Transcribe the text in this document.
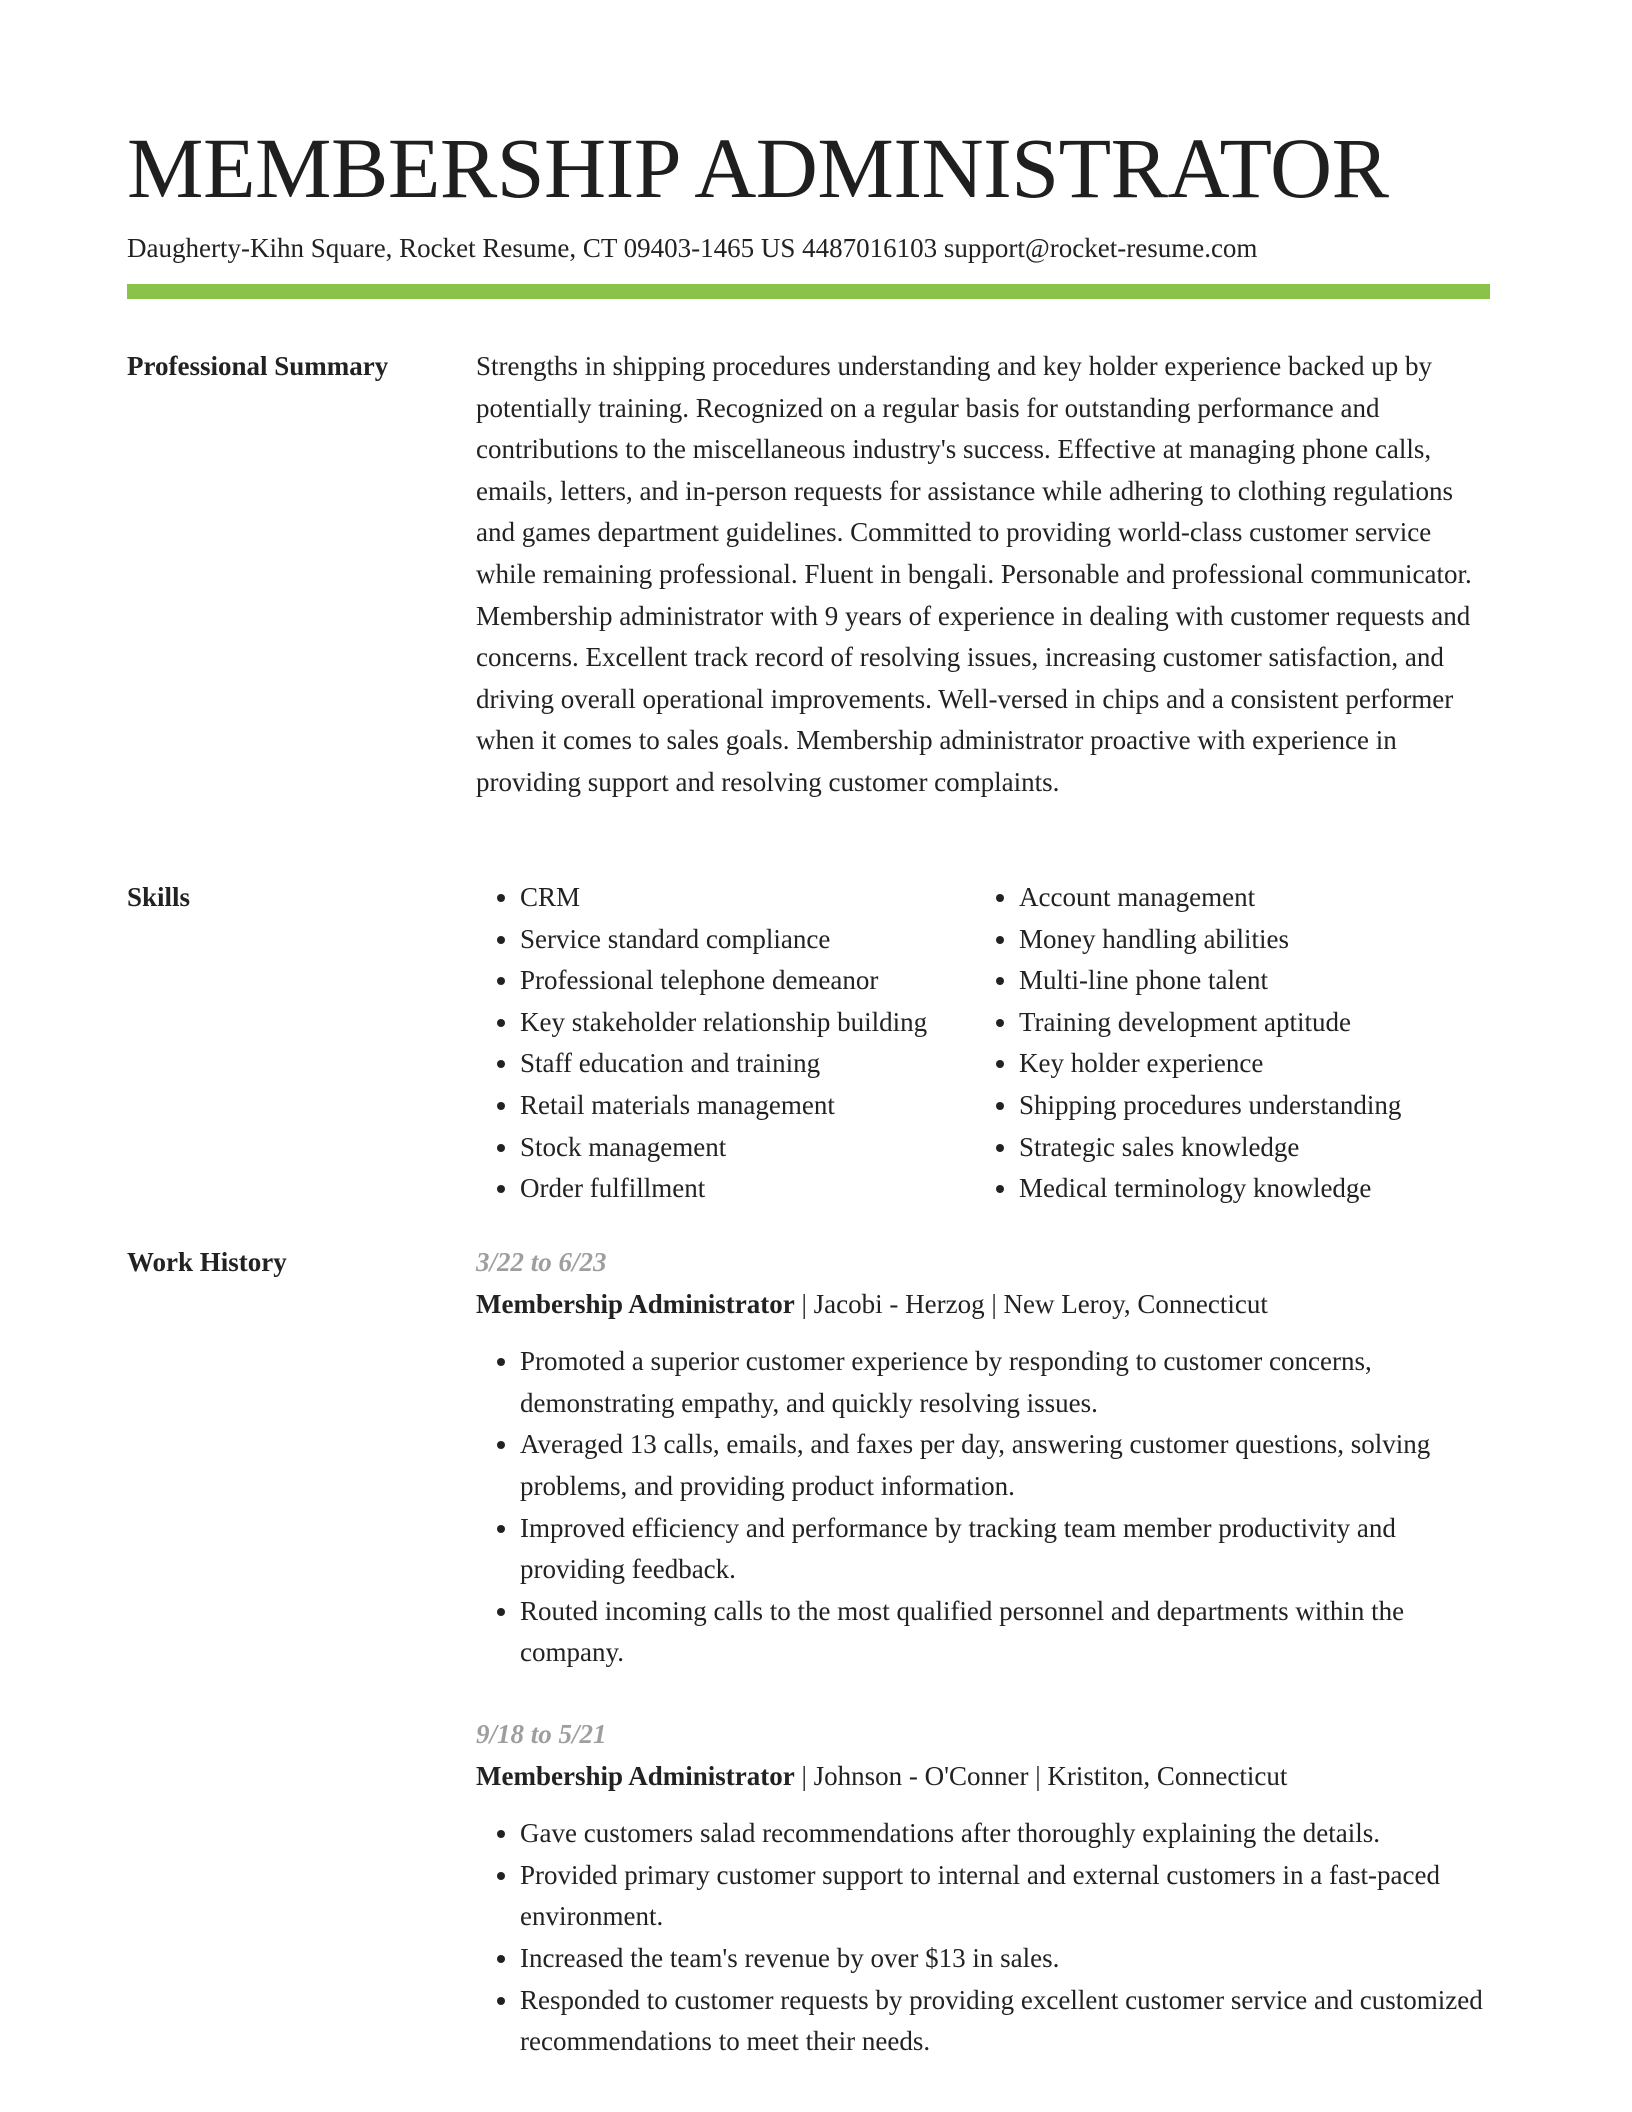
MEMBERSHIP ADMINISTRATOR
Daugherty-Kihn Square, Rocket Resume, CT 09403-1465 US 4487016103 support@rocket-resume.com
Professional Summary	Strengths in shipping procedures understanding and key holder experience backed up by potentially training. Recognized on a regular basis for outstanding performance and contributions to the miscellaneous industry's success. Effective at managing phone calls, emails, letters, and in-person requests for assistance while adhering to clothing regulations and games department guidelines. Committed to providing world-class customer service while remaining professional. Fluent in bengali. Personable and professional communicator. Membership administrator with 9 years of experience in dealing with customer requests and concerns. Excellent track record of resolving issues, increasing customer satisfaction, and driving overall operational improvements. Well-versed in chips and a consistent performer when it comes to sales goals. Membership administrator proactive with experience in providing support and resolving customer complaints.

Skills
•	CRM
• Service standard compliance
• Professional telephone demeanor
• Key stakeholder relationship building
• Staff education and training
• Retail materials management
• Stock management
• Order fulfillment
• Account management
• Money handling abilities
• Multi-line phone talent
• Training development aptitude
• Key holder experience
• Shipping procedures understanding
• Strategic sales knowledge
• Medical terminology knowledge
Work History	3/22 to 6/23

Membership Administrator | Jacobi - Herzog | New Leroy, Connecticut

• Promoted a superior customer experience by responding to customer concerns, demonstrating empathy, and quickly resolving issues.
• Averaged 13 calls, emails, and faxes per day, answering customer questions, solving problems, and providing product information.
• Improved efficiency and performance by tracking team member productivity and providing feedback.
• Routed incoming calls to the most qualified personnel and departments within the company.

9/18 to 5/21

Membership Administrator | Johnson - O'Conner | Kristiton, Connecticut

• Gave customers salad recommendations after thoroughly explaining the details.
• Provided primary customer support to internal and external customers in a fast-paced environment.
• Increased the team's revenue by over $13 in sales.
• Responded to customer requests by providing excellent customer service and customized recommendations to meet their needs.
